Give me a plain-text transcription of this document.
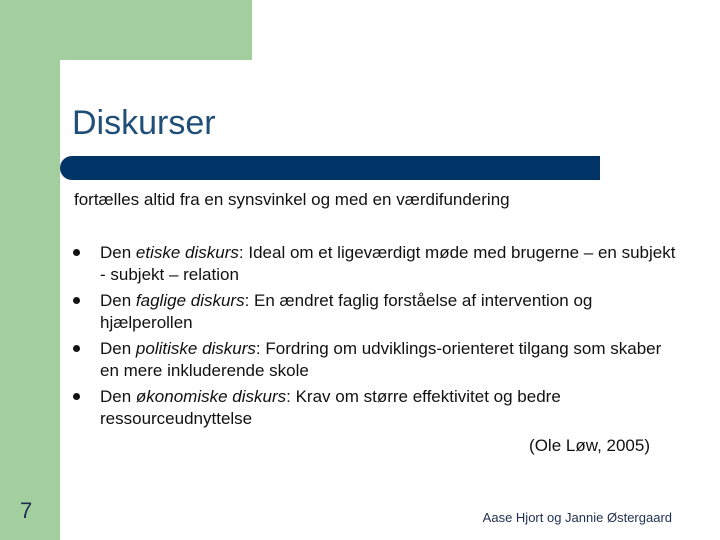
Diskurser
fortælles altid fra en synsvinkel og med en værdifundering
Den etiske diskurs: Ideal om et ligeværdigt møde med brugerne – en subjekt - subjekt – relation
Den faglige diskurs: En ændret faglig forståelse af intervention og hjælperollen
Den politiske diskurs: Fordring om udviklings-orienteret tilgang som skaber en mere inkluderende skole
Den økonomiske diskurs: Krav om større effektivitet og bedre ressourceudnyttelse
(Ole Løw, 2005)
7	Aase Hjort og Jannie Østergaard
